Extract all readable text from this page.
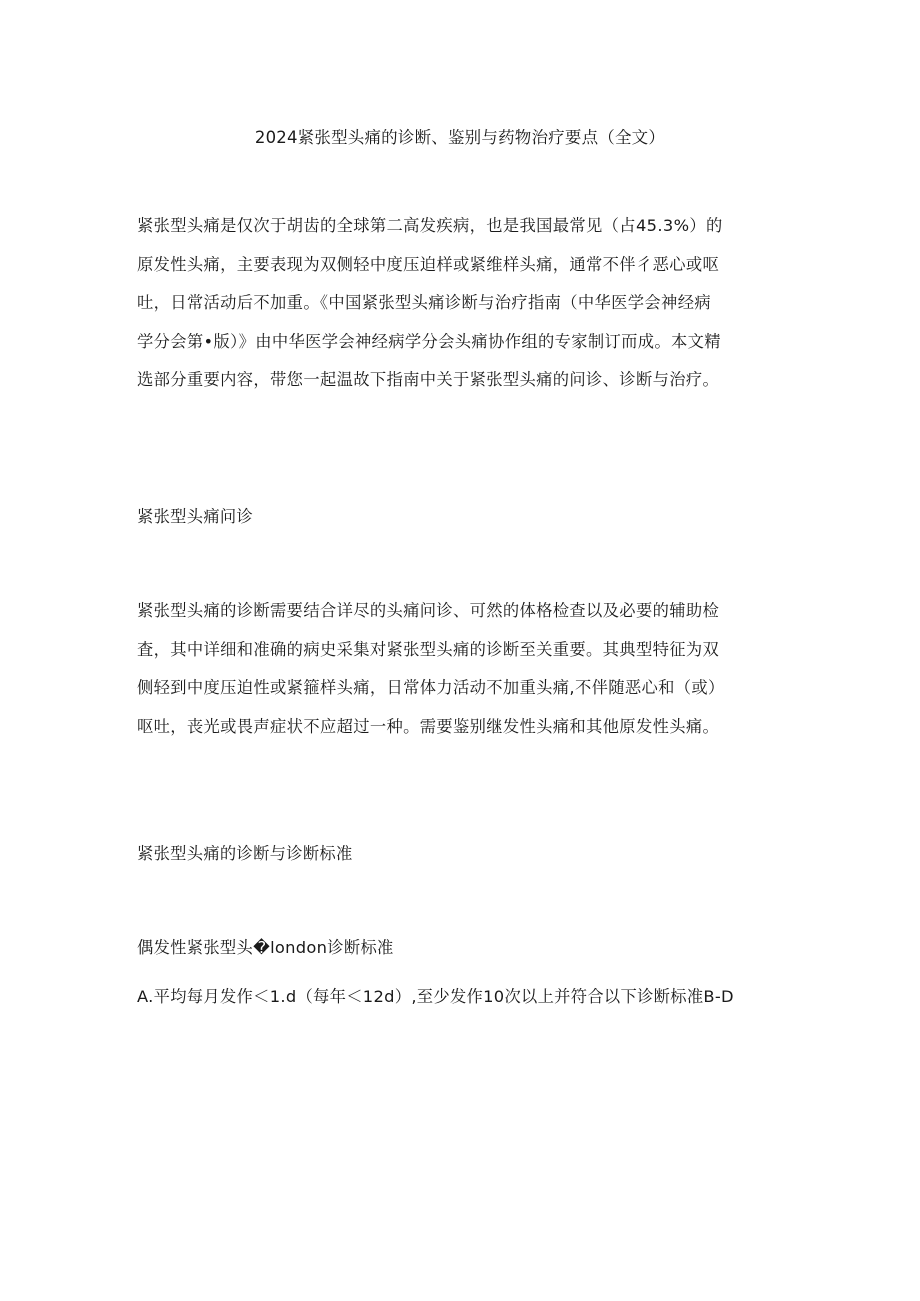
2024紧张型头痛的诊断、鉴别与药物治疗要点（全文）
紧张型头痛是仅次于胡齿的全球第二高发疾病，也是我国最常见（占45.3%）的
原发性头痛，主要表现为双侧轻中度压迫样或紧维样头痛，通常不伴彳恶心或呕
吐，日常活动后不加重。《中国紧张型头痛诊断与治疗指南（中华医学会神经病
学分会第•版）》由中华医学会神经病学分会头痛协作组的专家制订而成。本文精
选部分重要内容，带您一起温故下指南中关于紧张型头痛的问诊、诊断与治疗。
紧张型头痛问诊
紧张型头痛的诊断需要结合详尽的头痛问诊、可然的体格检查以及必要的辅助检
査，其中详细和准确的病史采集对紧张型头痛的诊断至关重要。其典型特征为双
侧轻到中度压迫性或紧箍样头痛，日常体力活动不加重头痛,不伴随恶心和（或）
呕吐，丧光或畏声症状不应超过一种。需要鉴别继发性头痛和其他原发性头痛。
紧张型头痛的诊断与诊断标准
偶发性紧张型头�london诊断标准
A.平均每月发作＜1.d（每年＜12d）,至少发作10次以上并符合以下诊断标准B-D
